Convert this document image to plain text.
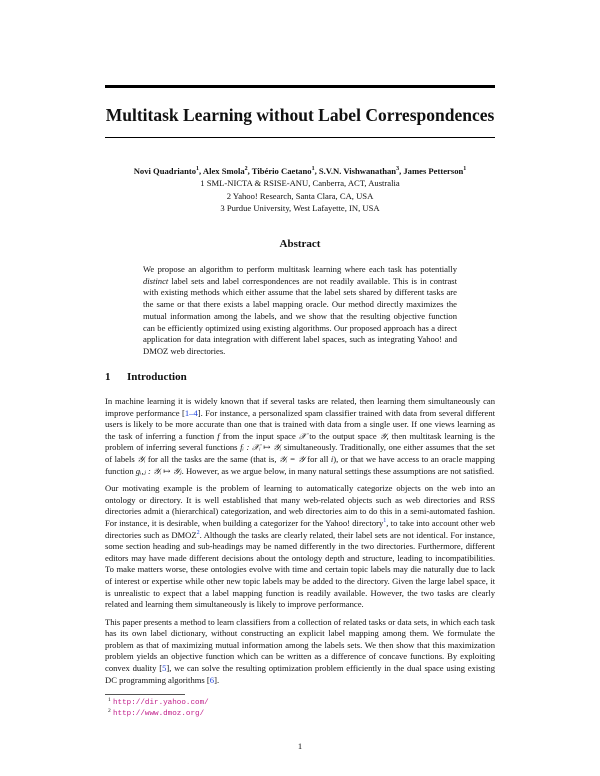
Multitask Learning without Label Correspondences
Novi Quadrianto$^1$, Alex Smola$^2$, Tibério Caetano$^1$, S.V.N. Vishwanathan$^3$, James Petterson$^1$
1 SML-NICTA & RSISE-ANU, Canberra, ACT, Australia
2 Yahoo! Research, Santa Clara, CA, USA
3 Purdue University, West Lafayette, IN, USA
Abstract

We propose an algorithm to perform multitask learning where each task has potentially distinct label sets and label correspondences are not readily available. This is in contrast with existing methods which either assume that the label sets shared by different tasks are the same or that there exists a label mapping oracle. Our method directly maximizes the mutual information among the labels, and we show that the resulting objective function can be efficiently optimized using existing algorithms. Our proposed approach has a direct application for data integration with different label spaces, such as integrating Yahoo! and DMOZ web directories.

1 Introduction

In machine learning it is widely known that if several tasks are related, then learning them simultaneously can improve performance [1–4]. For instance, a personalized spam classifier trained with data from several different users is likely to be more accurate than one that is trained with data from a single user. If one views learning as the task of inferring a function f from the input space 𝒳 to the output space 𝒴, then multitask learning is the problem of inferring several functions fᵢ : 𝒳ᵢ ↦ 𝒴ᵢ simultaneously. Traditionally, one either assumes that the set of labels 𝒴ᵢ for all the tasks are the same (that is, 𝒴ᵢ = 𝒴 for all i), or that we have access to an oracle mapping function gᵢ,ⱼ : 𝒴ᵢ ↦ 𝒴ⱼ. However, as we argue below, in many natural settings these assumptions are not satisfied.

Our motivating example is the problem of learning to automatically categorize objects on the web into an ontology or directory. It is well established that many web-related objects such as web directories and RSS directories admit a (hierarchical) categorization, and web directories aim to do this in a semi-automated fashion. For instance, it is desirable, when building a categorizer for the Yahoo! directory$^1$, to take into account other web directories such as DMOZ$^2$. Although the tasks are clearly related, their label sets are not identical. For instance, some section heading and sub-headings may be named differently in the two directories. Furthermore, different editors may have made different decisions about the ontology depth and structure, leading to incompatibilities. To make matters worse, these ontologies evolve with time and certain topic labels may die naturally due to lack of interest or expertise while other new topic labels may be added to the directory. Given the large label space, it is unrealistic to expect that a label mapping function is readily available. However, the two tasks are clearly related and learning them simultaneously is likely to improve performance.

This paper presents a method to learn classifiers from a collection of related tasks or data sets, in which each task has its own label dictionary, without constructing an explicit label mapping among them. We formulate the problem as that of maximizing mutual information among the labels sets. We then show that this maximization problem yields an objective function which can be written as a difference of concave functions. By exploiting convex duality [5], we can solve the resulting optimization problem efficiently in the dual space using existing DC programming algorithms [6].

1 http://dir.yahoo.com/
2 http://www.dmoz.org/
1
